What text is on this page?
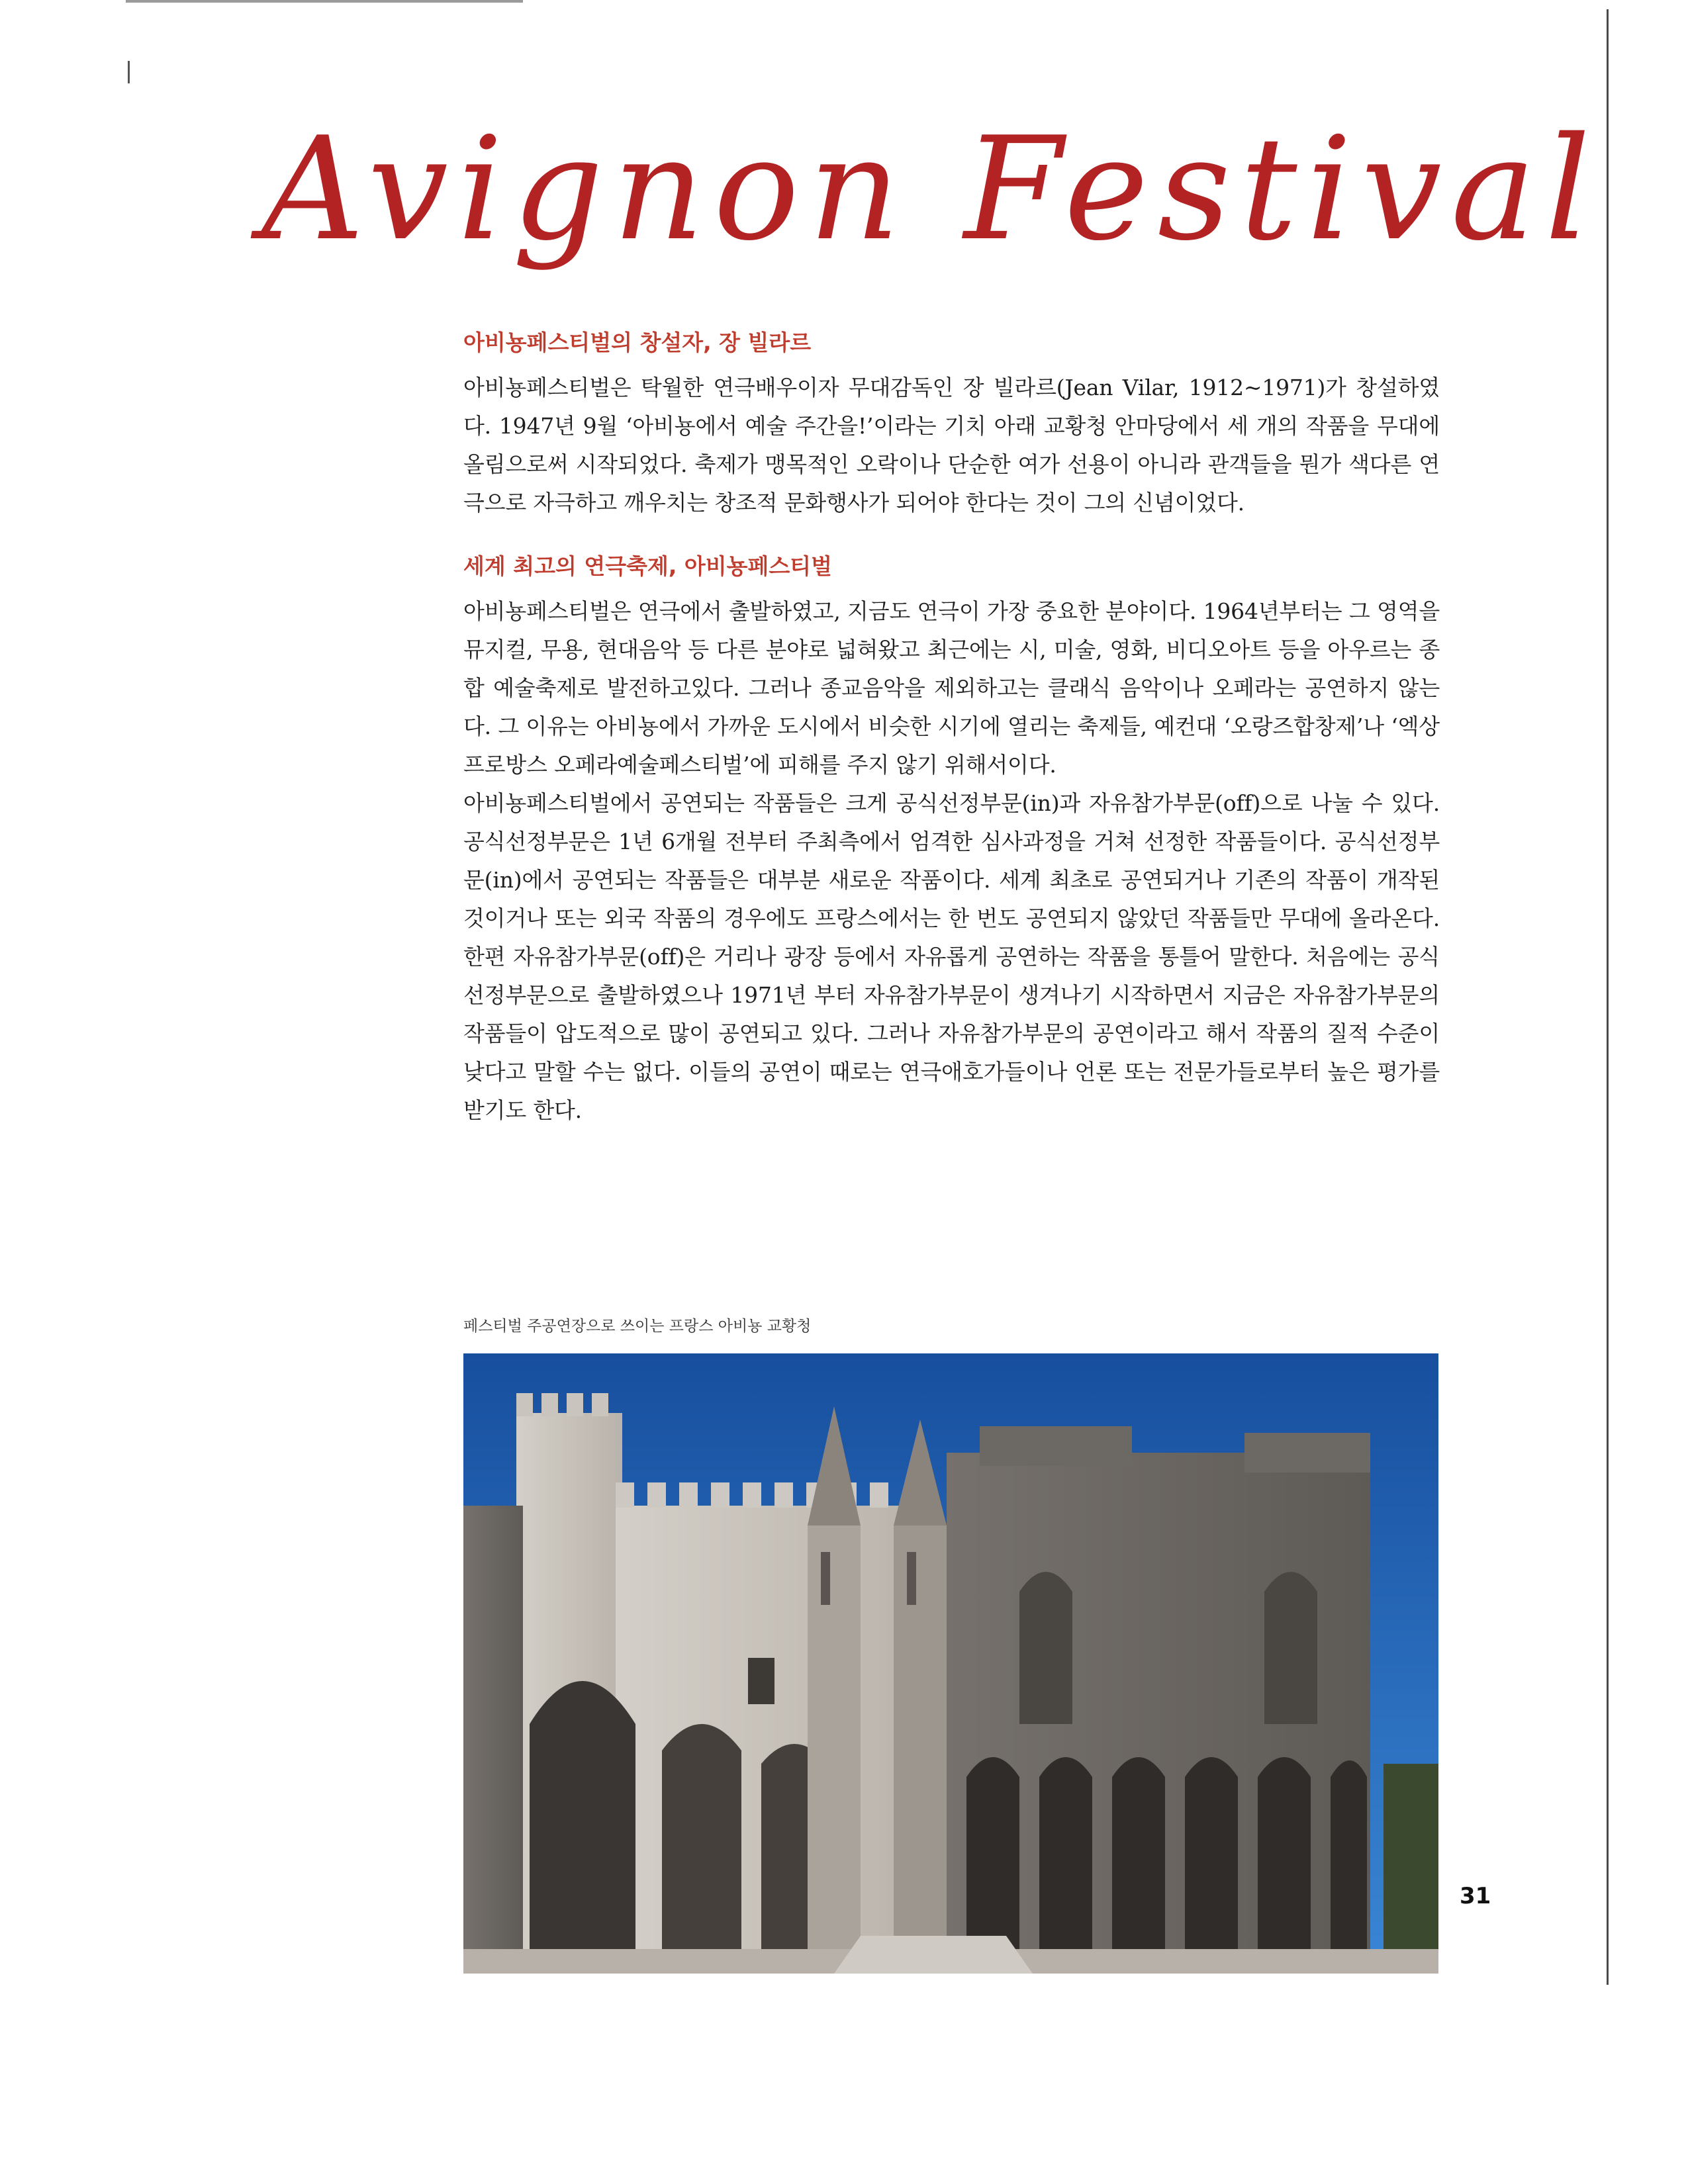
Avignon Festival
아비뇽페스티벌의 창설자, 장 빌라르

아비뇽페스티벌은 탁월한 연극배우이자 무대감독인 장 빌라르(Jean Vilar, 1912~1971)가 창설하였다. 1947년 9월 ‘아비뇽에서 예술 주간을!’이라는 기치 아래 교황청 안마당에서 세 개의 작품을 무대에 올림으로써 시작되었다. 축제가 맹목적인 오락이나 단순한 여가 선용이 아니라 관객들을 뭔가 색다른 연극으로 자극하고 깨우치는 창조적 문화행사가 되어야 한다는 것이 그의 신념이었다.

세계 최고의 연극축제, 아비뇽페스티벌

아비뇽페스티벌은 연극에서 출발하였고, 지금도 연극이 가장 중요한 분야이다. 1964년부터는 그 영역을 뮤지컬, 무용, 현대음악 등 다른 분야로 넓혀왔고 최근에는 시, 미술, 영화, 비디오아트 등을 아우르는 종합 예술축제로 발전하고있다. 그러나 종교음악을 제외하고는 클래식 음악이나 오페라는 공연하지 않는다. 그 이유는 아비뇽에서 가까운 도시에서 비슷한 시기에 열리는 축제들, 예컨대 ‘오랑즈합창제’나 ‘엑상프로방스 오페라예술페스티벌’에 피해를 주지 않기 위해서이다.

아비뇽페스티벌에서 공연되는 작품들은 크게 공식선정부문(in)과 자유참가부문(off)으로 나눌 수 있다. 공식선정부문은 1년 6개월 전부터 주최측에서 엄격한 심사과정을 거쳐 선정한 작품들이다. 공식선정부문(in)에서 공연되는 작품들은 대부분 새로운 작품이다. 세계 최초로 공연되거나 기존의 작품이 개작된 것이거나 또는 외국 작품의 경우에도 프랑스에서는 한 번도 공연되지 않았던 작품들만 무대에 올라온다. 한편 자유참가부문(off)은 거리나 광장 등에서 자유롭게 공연하는 작품을 통틀어 말한다. 처음에는 공식선정부문으로 출발하였으나 1971년 부터 자유참가부문이 생겨나기 시작하면서 지금은 자유참가부문의 작품들이 압도적으로 많이 공연되고 있다. 그러나 자유참가부문의 공연이라고 해서 작품의 질적 수준이 낮다고 말할 수는 없다. 이들의 공연이 때로는 연극애호가들이나 언론 또는 전문가들로부터 높은 평가를 받기도 한다.

페스티벌 주공연장으로 쓰이는 프랑스 아비뇽 교황청
31
